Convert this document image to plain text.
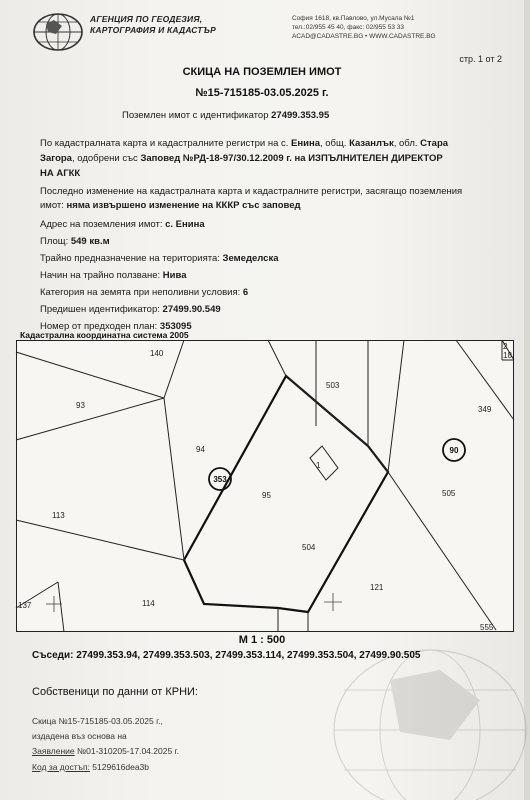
АГЕНЦИЯ ПО ГЕОДЕЗИЯ,
КАРТОГРАФИЯ И КАДАСТЪР
София 1618, кв.Павлово, ул.Мусала №1
тел.:02/955 45 40, факс: 02/955 53 33
ACAD@CADASTRE.BG • WWW.CADASTRE.BG
стр. 1 от 2
СКИЦА НА ПОЗЕМЛЕН ИМОТ
№15-715185-03.05.2025 г.
Поземлен имот с идентификатор 27499.353.95
По кадастралната карта и кадастралните регистри на с. Енина, общ. Казанлък, обл. Стара
Загора, одобрени със Заповед №РД-18-97/30.12.2009 г. на ИЗПЪЛНИТЕЛЕН ДИРЕКТОР
НА АГКК
Последно изменение на кадастралната карта и кадастралните регистри, засягащо поземления
имот: няма извършено изменение на КККР със заповед
Адрес на поземления имот: с. Енина
Площ: 549 кв.м
Трайно предназначение на територията: Земеделска
Начин на трайно ползване: Нива
Категория на земята при неполивни условия: 6
Предишен идентификатор: 27499.90.549
Номер от предходен план: 353095
Кадастрална координатна система 2005
140
93
94
95
113
114
137
503
504
505
121
349
1
2
18
555
353
90
М 1 : 500
Съседи: 27499.353.94, 27499.353.503, 27499.353.114, 27499.353.504, 27499.90.505
Собственици по данни от КРНИ:
Скица №15-715185-03.05.2025 г.,
издадена въз основа на
Заявление №01-310205-17.04.2025 г.
Код за достъп: 5129616dea3b
